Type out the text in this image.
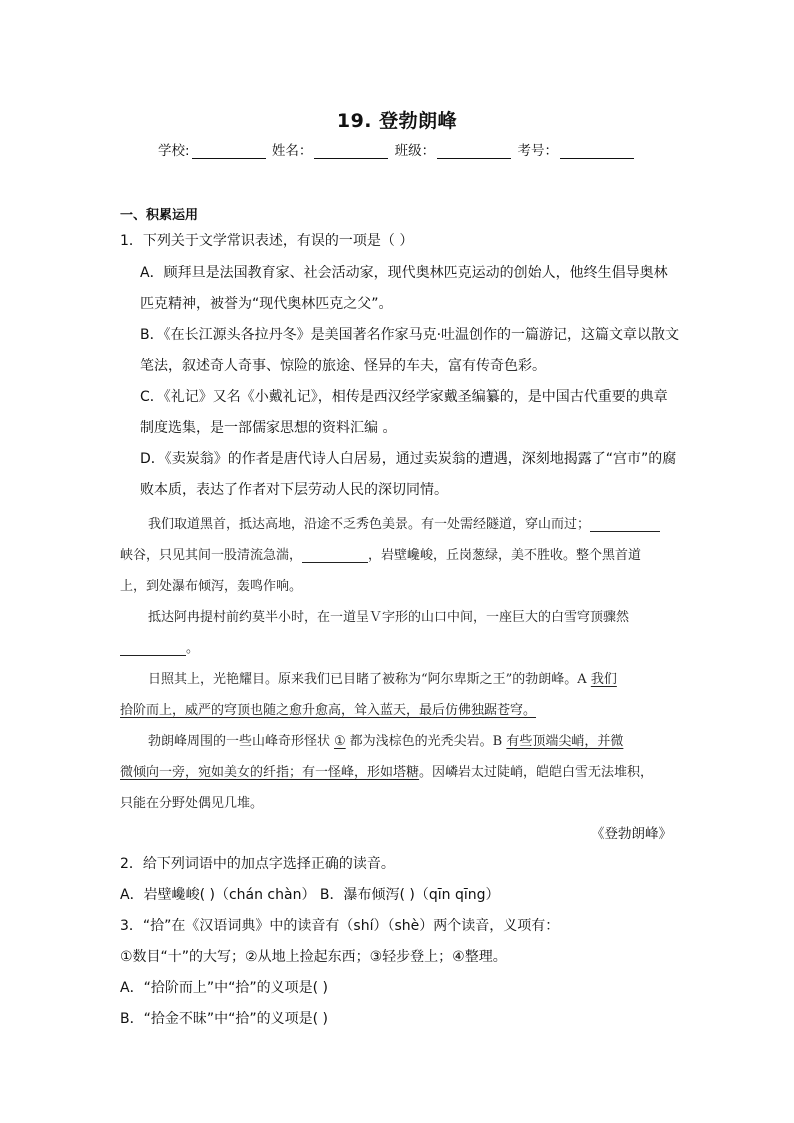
19. 登勃朗峰
学校:	姓名：	班级：	考号：
一、积累运用
1．下列关于文学常识表述，有误的一项是（ ）
A．顾拜旦是法国教育家、社会活动家，现代奥林匹克运动的创始人，他终生倡导奥林
匹克精神，被誉为“现代奥林匹克之父”。
B．《在长江源头各拉丹冬》是美国著名作家马克·吐温创作的一篇游记，这篇文章以散文
笔法，叙述奇人奇事、惊险的旅途、怪异的车夫，富有传奇色彩。
C．《礼记》又名《小戴礼记》，相传是西汉经学家戴圣编纂的，是中国古代重要的典章
制度选集，是一部儒家思想的资料汇编 。
D．《卖炭翁》的作者是唐代诗人白居易，通过卖炭翁的遭遇，深刻地揭露了“宫市”的腐
败本质，表达了作者对下层劳动人民的深切同情。
我们取道黑首，抵达高地，沿途不乏秀色美景。有一处需经隧道，穿山而过；
峡谷，只见其间一股清流急湍，	，岩壁巉峻，丘岗葱绿，美不胜收。整个黑首道
上，到处瀑布倾泻，轰鸣作响。
抵达阿冉提村前约莫半小时，在一道呈Ｖ字形的山口中间，一座巨大的白雪穹顶骤然
。
日照其上，光艳耀目。原来我们已目睹了被称为“阿尔卑斯之王”的勃朗峰。A 我们
拾阶而上，威严的穹顶也随之愈升愈高，耸入蓝天，最后仿佛独踞苍穹。
勃朗峰周围的一些山峰奇形怪状 ① 都为浅棕色的光秃尖岩。B 有些顶端尖峭，并微
微倾向一旁，宛如美女的纤指；有一怪峰，形如塔糖。因嶙岩太过陡峭，皑皑白雪无法堆积，
只能在分野处偶见几堆。
《登勃朗峰》
2．给下列词语中的加点字选择正确的读音。
A．岩壁巉峻( )（chán chàn） B．瀑布倾泻( )（qīn qīng）
3．“拾”在《汉语词典》中的读音有（shí）（shè）两个读音，义项有：
①数目“十”的大写；②从地上捡起东西；③轻步登上；④整理。
A．“拾阶而上”中“拾”的义项是( )
B．“拾金不昧”中“拾”的义项是( )
